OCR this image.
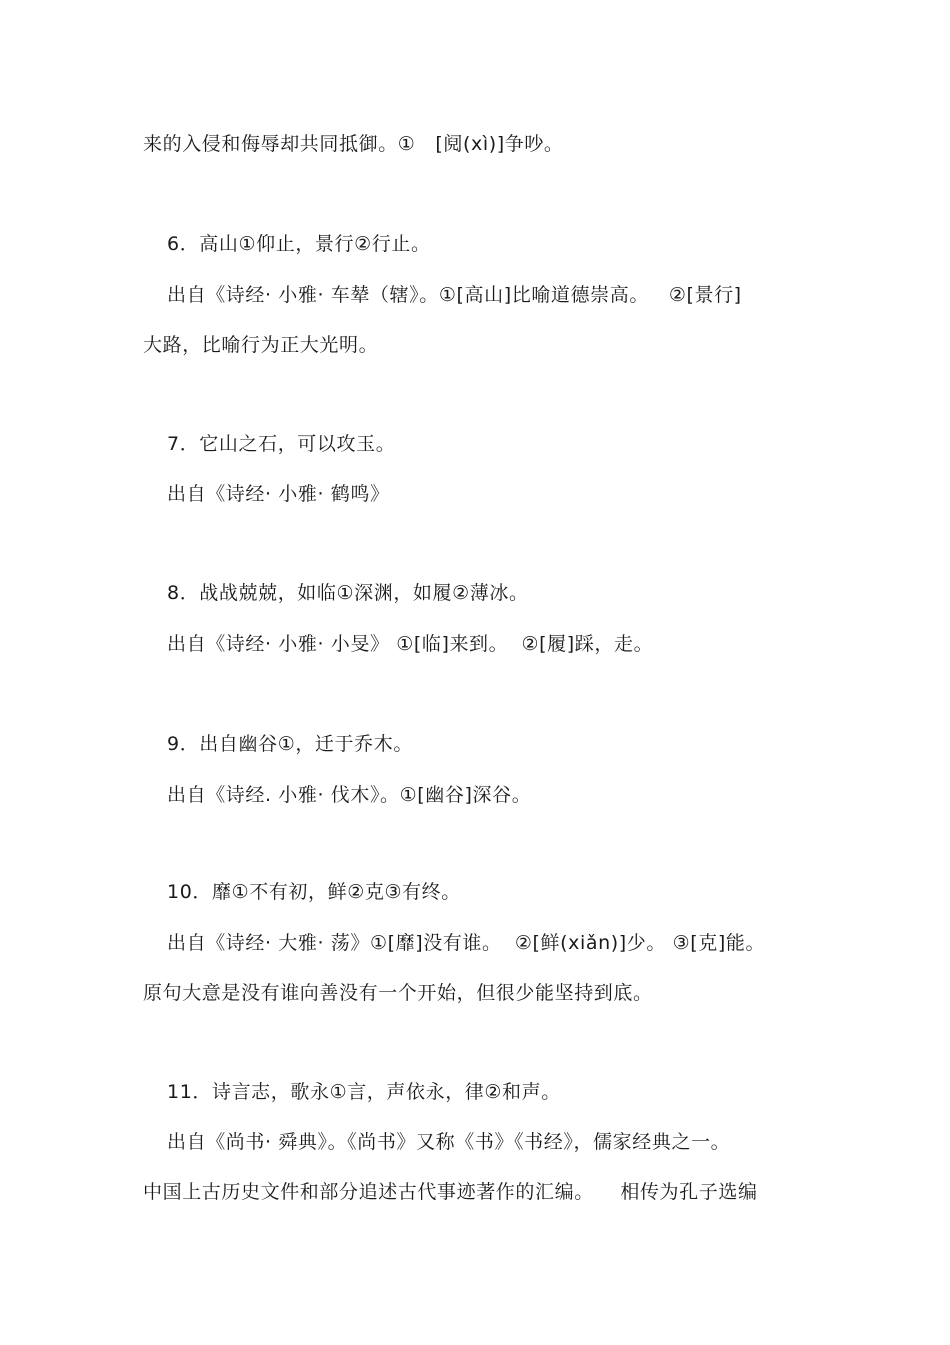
来的入侵和侮辱却共同抵御。①   [阋(xì)]争吵。
6．高山①仰止，景行②行止。
出自《诗经· 小雅· 车辇（辖》。①[高山]比喻道德崇高。   ②[景行]
大路，比喻行为正大光明。
7．它山之石，可以攻玉。
出自《诗经· 小雅· 鹤鸣》
8．战战兢兢，如临①深渊，如履②薄冰。
出自《诗经· 小雅· 小旻》 ①[临]来到。  ②[履]踩，走。
9．出自幽谷①，迁于乔木。
出自《诗经. 小雅· 伐木》。①[幽谷]深谷。
10．靡①不有初，鲜②克③有终。
出自《诗经· 大雅· 荡》①[靡]没有谁。  ②[鲜(xiǎn)]少。 ③[克]能。
原句大意是没有谁向善没有一个开始，但很少能坚持到底。
11．诗言志，歌永①言，声依永，律②和声。
出自《尚书· 舜典》。《尚书》又称《书》《书经》，儒家经典之一。
中国上古历史文件和部分追述古代事迹著作的汇编。    相传为孔子选编
